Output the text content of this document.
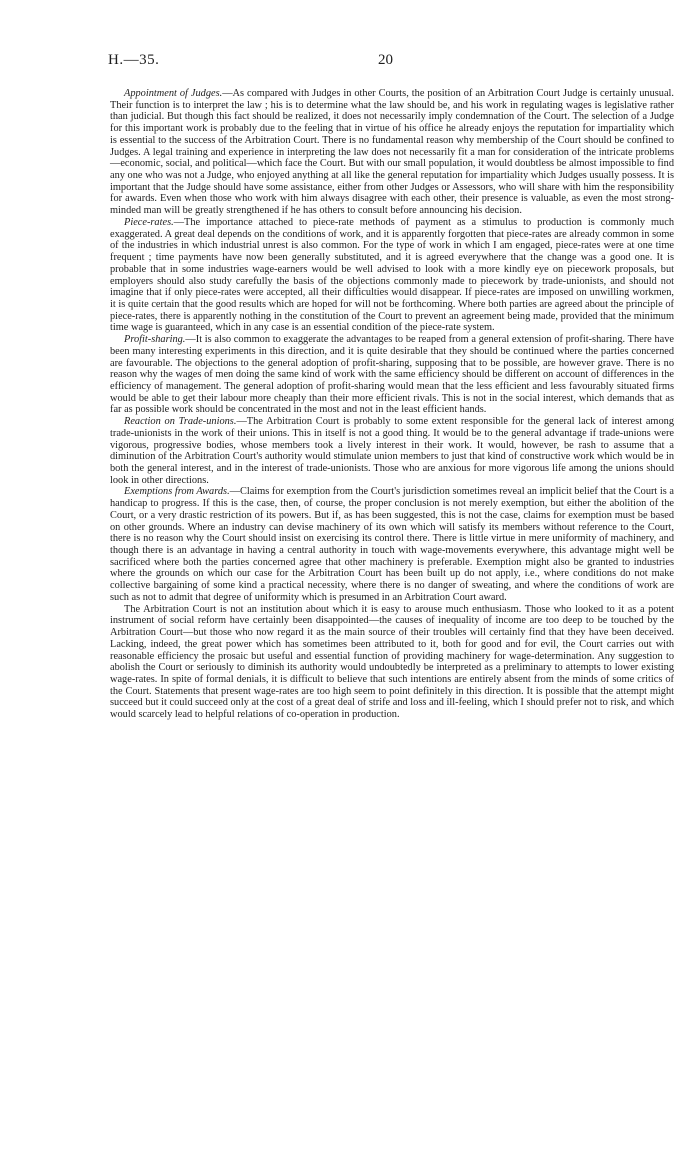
H.—35.	20

Appointment of Judges.—As compared with Judges in other Courts, the position of an Arbitration Court Judge is certainly unusual. Their function is to interpret the law ; his is to determine what the law should be, and his work in regulating wages is legislative rather than judicial. But though this fact should be realized, it does not necessarily imply condemnation of the Court. The selection of a Judge for this important work is probably due to the feeling that in virtue of his office he already enjoys the reputation for impartiality which is essential to the success of the Arbitration Court. There is no fundamental reason why membership of the Court should be confined to Judges. A legal training and experience in interpreting the law does not necessarily fit a man for consideration of the intricate problems—economic, social, and political—which face the Court. But with our small population, it would doubtless be almost impossible to find any one who was not a Judge, who enjoyed anything at all like the general reputation for impartiality which Judges usually possess. It is important that the Judge should have some assistance, either from other Judges or Assessors, who will share with him the responsibility for awards. Even when those who work with him always disagree with each other, their presence is valuable, as even the most strong-minded man will be greatly strengthened if he has others to consult before announcing his decision.

Piece-rates.—The importance attached to piece-rate methods of payment as a stimulus to production is commonly much exaggerated. A great deal depends on the conditions of work, and it is apparently forgotten that piece-rates are already common in some of the industries in which industrial unrest is also common. For the type of work in which I am engaged, piece-rates were at one time frequent ; time payments have now been generally substituted, and it is agreed everywhere that the change was a good one. It is probable that in some industries wage-earners would be well advised to look with a more kindly eye on piecework proposals, but employers should also study carefully the basis of the objections commonly made to piecework by trade-unionists, and should not imagine that if only piece-rates were accepted, all their difficulties would disappear. If piece-rates are imposed on unwilling workmen, it is quite certain that the good results which are hoped for will not be forthcoming. Where both parties are agreed about the principle of piece-rates, there is apparently nothing in the constitution of the Court to prevent an agreement being made, provided that the minimum time wage is guaranteed, which in any case is an essential condition of the piece-rate system.

Profit-sharing.—It is also common to exaggerate the advantages to be reaped from a general extension of profit-sharing. There have been many interesting experiments in this direction, and it is quite desirable that they should be continued where the parties concerned are favourable. The objections to the general adoption of profit-sharing, supposing that to be possible, are however grave. There is no reason why the wages of men doing the same kind of work with the same efficiency should be different on account of differences in the efficiency of management. The general adoption of profit-sharing would mean that the less efficient and less favourably situated firms would be able to get their labour more cheaply than their more efficient rivals. This is not in the social interest, which demands that as far as possible work should be concentrated in the most and not in the least efficient hands.

Reaction on Trade-unions.—The Arbitration Court is probably to some extent responsible for the general lack of interest among trade-unionists in the work of their unions. This in itself is not a good thing. It would be to the general advantage if trade-unions were vigorous, progressive bodies, whose members took a lively interest in their work. It would, however, be rash to assume that a diminution of the Arbitration Court's authority would stimulate union members to just that kind of constructive work which would be in both the general interest, and in the interest of trade-unionists. Those who are anxious for more vigorous life among the unions should look in other directions.

Exemptions from Awards.—Claims for exemption from the Court's jurisdiction sometimes reveal an implicit belief that the Court is a handicap to progress. If this is the case, then, of course, the proper conclusion is not merely exemption, but either the abolition of the Court, or a very drastic restriction of its powers. But if, as has been suggested, this is not the case, claims for exemption must be based on other grounds. Where an industry can devise machinery of its own which will satisfy its members without reference to the Court, there is no reason why the Court should insist on exercising its control there. There is little virtue in mere uniformity of machinery, and though there is an advantage in having a central authority in touch with wage-movements everywhere, this advantage might well be sacrificed where both the parties concerned agree that other machinery is preferable. Exemption might also be granted to industries where the grounds on which our case for the Arbitration Court has been built up do not apply, i.e., where conditions do not make collective bargaining of some kind a practical necessity, where there is no danger of sweating, and where the conditions of work are such as not to admit that degree of uniformity which is presumed in an Arbitration Court award.

The Arbitration Court is not an institution about which it is easy to arouse much enthusiasm. Those who looked to it as a potent instrument of social reform have certainly been disappointed—the causes of inequality of income are too deep to be touched by the Arbitration Court—but those who now regard it as the main source of their troubles will certainly find that they have been deceived. Lacking, indeed, the great power which has sometimes been attributed to it, both for good and for evil, the Court carries out with reasonable efficiency the prosaic but useful and essential function of providing machinery for wage-determination. Any suggestion to abolish the Court or seriously to diminish its authority would undoubtedly be interpreted as a preliminary to attempts to lower existing wage-rates. In spite of formal denials, it is difficult to believe that such intentions are entirely absent from the minds of some critics of the Court. Statements that present wage-rates are too high seem to point definitely in this direction. It is possible that the attempt might succeed but it could succeed only at the cost of a great deal of strife and loss and ill-feeling, which I should prefer not to risk, and which would scarcely lead to helpful relations of co-operation in production.
